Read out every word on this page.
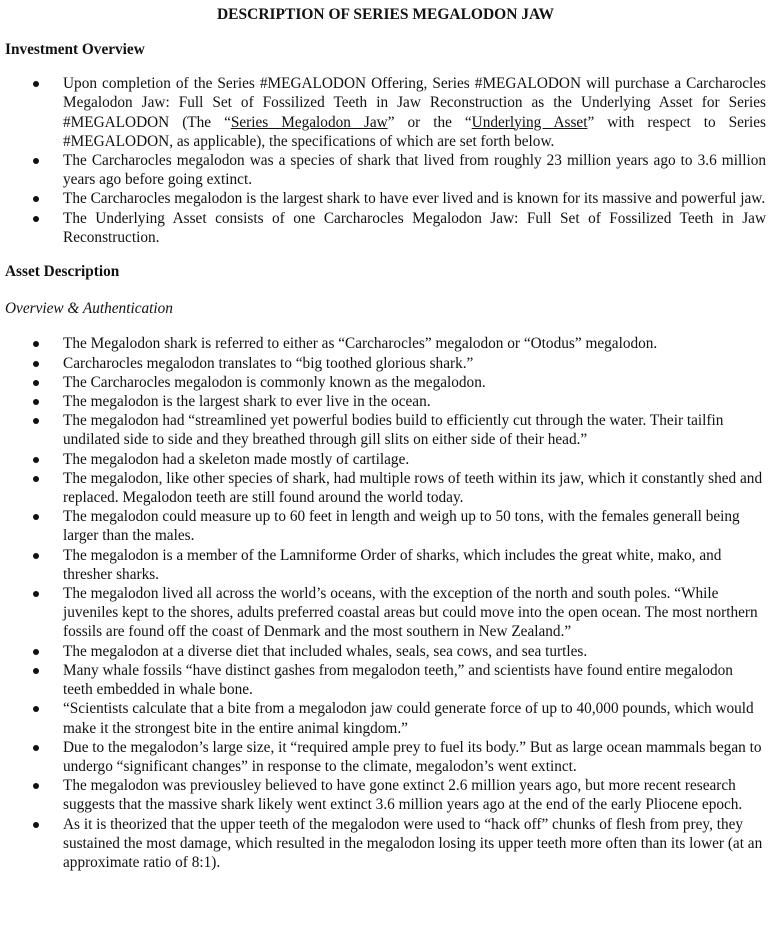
DESCRIPTION OF SERIES MEGALODON JAW
Investment Overview
Upon completion of the Series #MEGALODON Offering, Series #MEGALODON will purchase a Carcharocles Megalodon Jaw: Full Set of Fossilized Teeth in Jaw Reconstruction as the Underlying Asset for Series #MEGALODON (The “Series Megalodon Jaw” or the “Underlying Asset” with respect to Series #MEGALODON, as applicable), the specifications of which are set forth below.
The Carcharocles megalodon was a species of shark that lived from roughly 23 million years ago to 3.6 million years ago before going extinct.
The Carcharocles megalodon is the largest shark to have ever lived and is known for its massive and powerful jaw.
The Underlying Asset consists of one Carcharocles Megalodon Jaw: Full Set of Fossilized Teeth in Jaw Reconstruction.
Asset Description
Overview & Authentication
The Megalodon shark is referred to either as “Carcharocles” megalodon or “Otodus” megalodon.
Carcharocles megalodon translates to “big toothed glorious shark.”
The Carcharocles megalodon is commonly known as the megalodon.
The megalodon is the largest shark to ever live in the ocean.
The megalodon had “streamlined yet powerful bodies build to efficiently cut through the water. Their tailfin undilated side to side and they breathed through gill slits on either side of their head.”
The megalodon had a skeleton made mostly of cartilage.
The megalodon, like other species of shark, had multiple rows of teeth within its jaw, which it constantly shed and replaced. Megalodon teeth are still found around the world today.
The megalodon could measure up to 60 feet in length and weigh up to 50 tons, with the females generall being larger than the males.
The megalodon is a member of the Lamniforme Order of sharks, which includes the great white, mako, and thresher sharks.
The megalodon lived all across the world’s oceans, with the exception of the north and south poles. “While juveniles kept to the shores, adults preferred coastal areas but could move into the open ocean. The most northern fossils are found off the coast of Denmark and the most southern in New Zealand.”
The megalodon at a diverse diet that included whales, seals, sea cows, and sea turtles.
Many whale fossils “have distinct gashes from megalodon teeth,” and scientists have found entire megalodon teeth embedded in whale bone.
“Scientists calculate that a bite from a megalodon jaw could generate force of up to 40,000 pounds, which would make it the strongest bite in the entire animal kingdom.”
Due to the megalodon’s large size, it “required ample prey to fuel its body.” But as large ocean mammals began to undergo “significant changes” in response to the climate, megalodon’s went extinct.
The megalodon was previousley believed to have gone extinct 2.6 million years ago, but more recent research suggests that the massive shark likely went extinct 3.6 million years ago at the end of the early Pliocene epoch.
As it is theorized that the upper teeth of the megalodon were used to “hack off” chunks of flesh from prey, they sustained the most damage, which resulted in the megalodon losing its upper teeth more often than its lower (at an approximate ratio of 8:1).
